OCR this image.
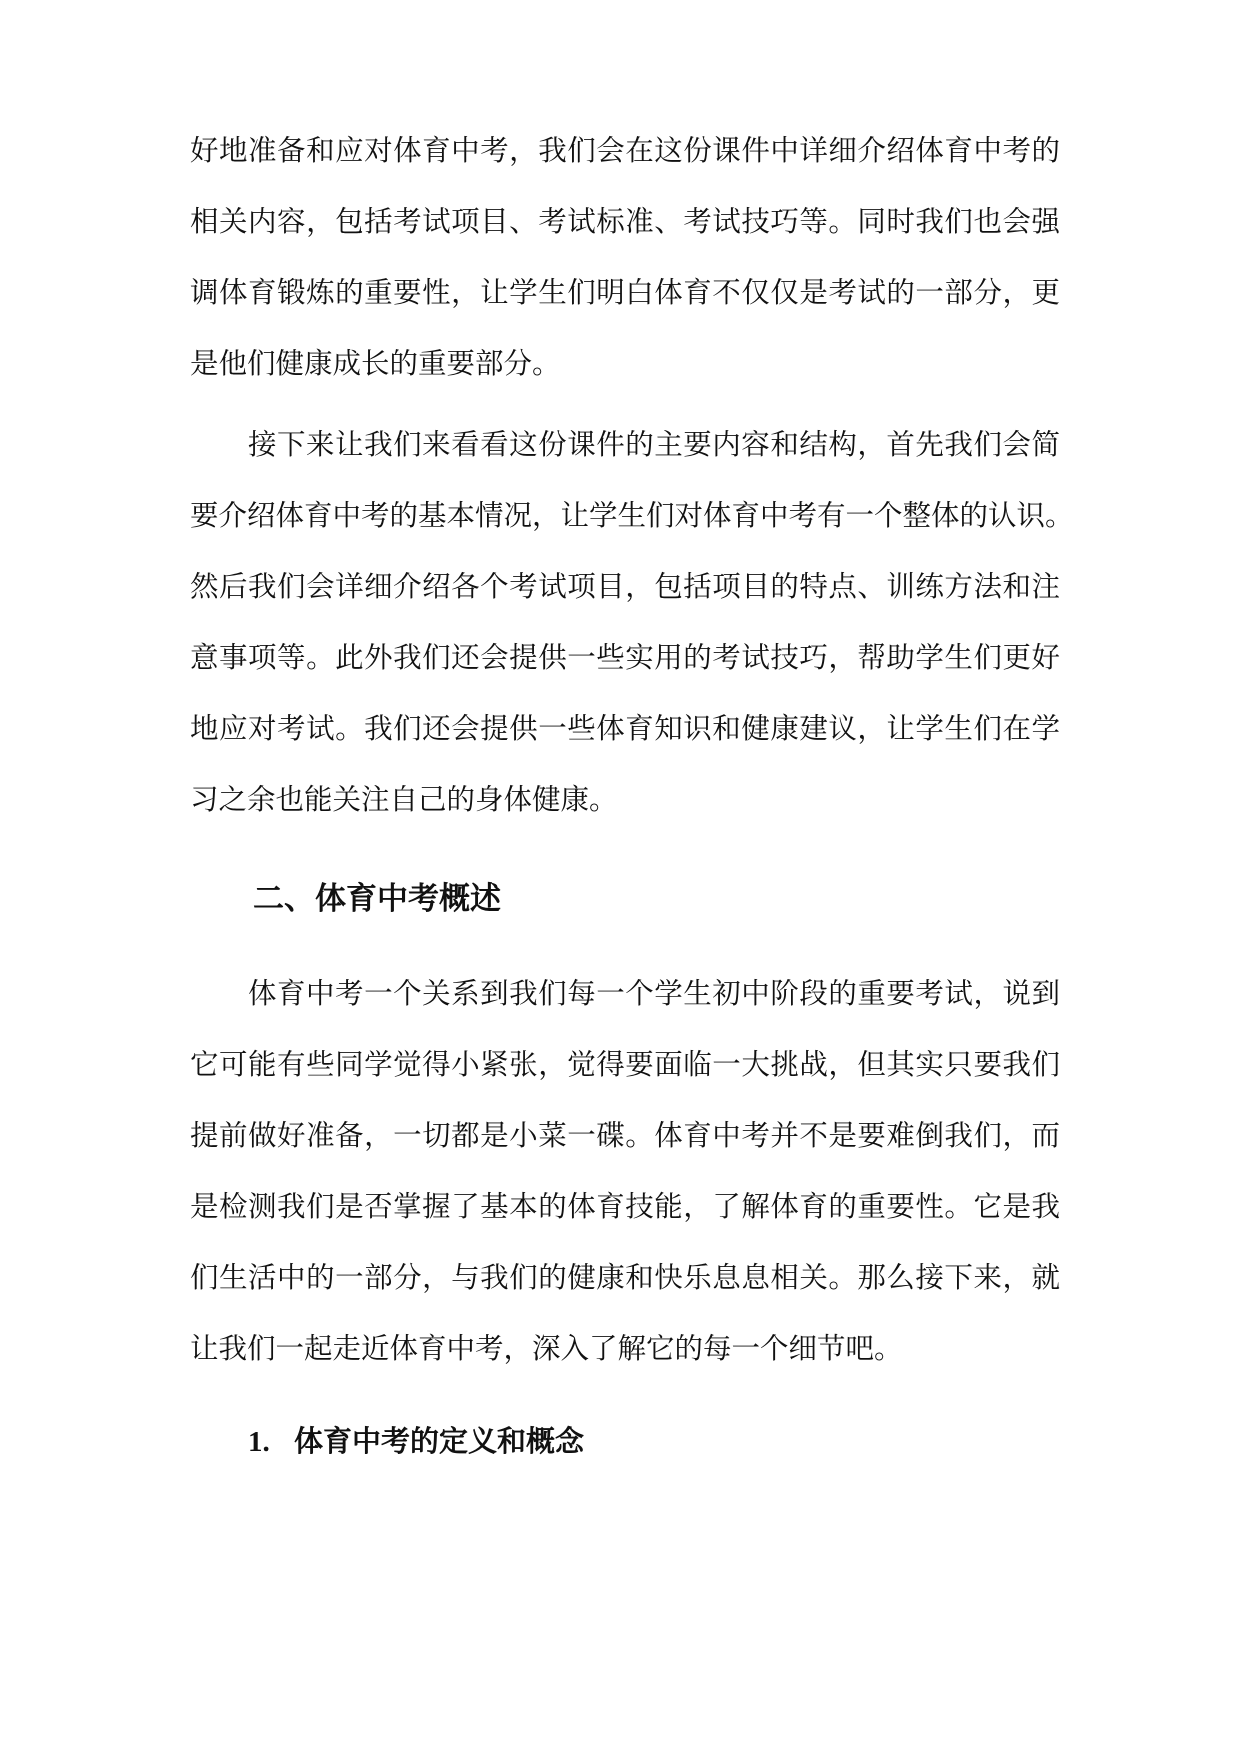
好地准备和应对体育中考，我们会在这份课件中详细介绍体育中考的
相关内容，包括考试项目、考试标准、考试技巧等。同时我们也会强
调体育锻炼的重要性，让学生们明白体育不仅仅是考试的一部分，更
是他们健康成长的重要部分。
接下来让我们来看看这份课件的主要内容和结构，首先我们会简
要介绍体育中考的基本情况，让学生们对体育中考有一个整体的认识。
然后我们会详细介绍各个考试项目，包括项目的特点、训练方法和注
意事项等。此外我们还会提供一些实用的考试技巧，帮助学生们更好
地应对考试。我们还会提供一些体育知识和健康建议，让学生们在学
习之余也能关注自己的身体健康。
二、体育中考概述
体育中考一个关系到我们每一个学生初中阶段的重要考试，说到
它可能有些同学觉得小紧张，觉得要面临一大挑战，但其实只要我们
提前做好准备，一切都是小菜一碟。体育中考并不是要难倒我们，而
是检测我们是否掌握了基本的体育技能，了解体育的重要性。它是我
们生活中的一部分，与我们的健康和快乐息息相关。那么接下来，就
让我们一起走近体育中考，深入了解它的每一个细节吧。
1. 体育中考的定义和概念
